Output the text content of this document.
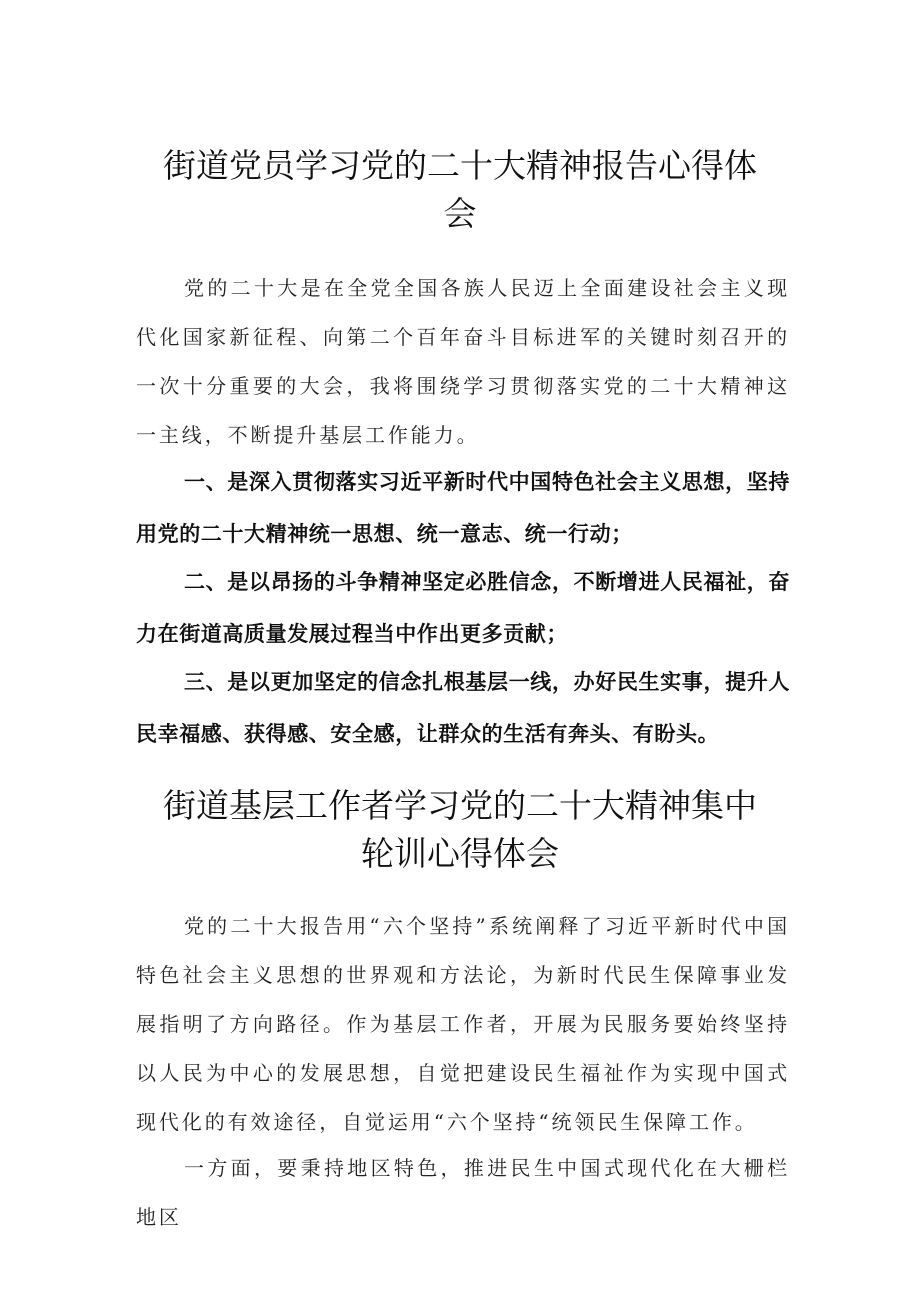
街道党员学习党的二十大精神报告心得体
会

党的二十大是在全党全国各族人民迈上全面建设社会主义现代化国家新征程、向第二个百年奋斗目标进军的关键时刻召开的一次十分重要的大会，我将围绕学习贯彻落实党的二十大精神这一主线，不断提升基层工作能力。

一、是深入贯彻落实习近平新时代中国特色社会主义思想，坚持用党的二十大精神统一思想、统一意志、统一行动；

二、是以昂扬的斗争精神坚定必胜信念，不断增进人民福祉，奋力在街道高质量发展过程当中作出更多贡献；

三、是以更加坚定的信念扎根基层一线，办好民生实事，提升人民幸福感、获得感、安全感，让群众的生活有奔头、有盼头。

街道基层工作者学习党的二十大精神集中
轮训心得体会

党的二十大报告用“六个坚持”系统阐释了习近平新时代中国特色社会主义思想的世界观和方法论，为新时代民生保障事业发展指明了方向路径。作为基层工作者，开展为民服务要始终坚持以人民为中心的发展思想，自觉把建设民生福祉作为实现中国式现代化的有效途径，自觉运用“六个坚持“统领民生保障工作。

一方面，要秉持地区特色，推进民生中国式现代化在大栅栏地区
